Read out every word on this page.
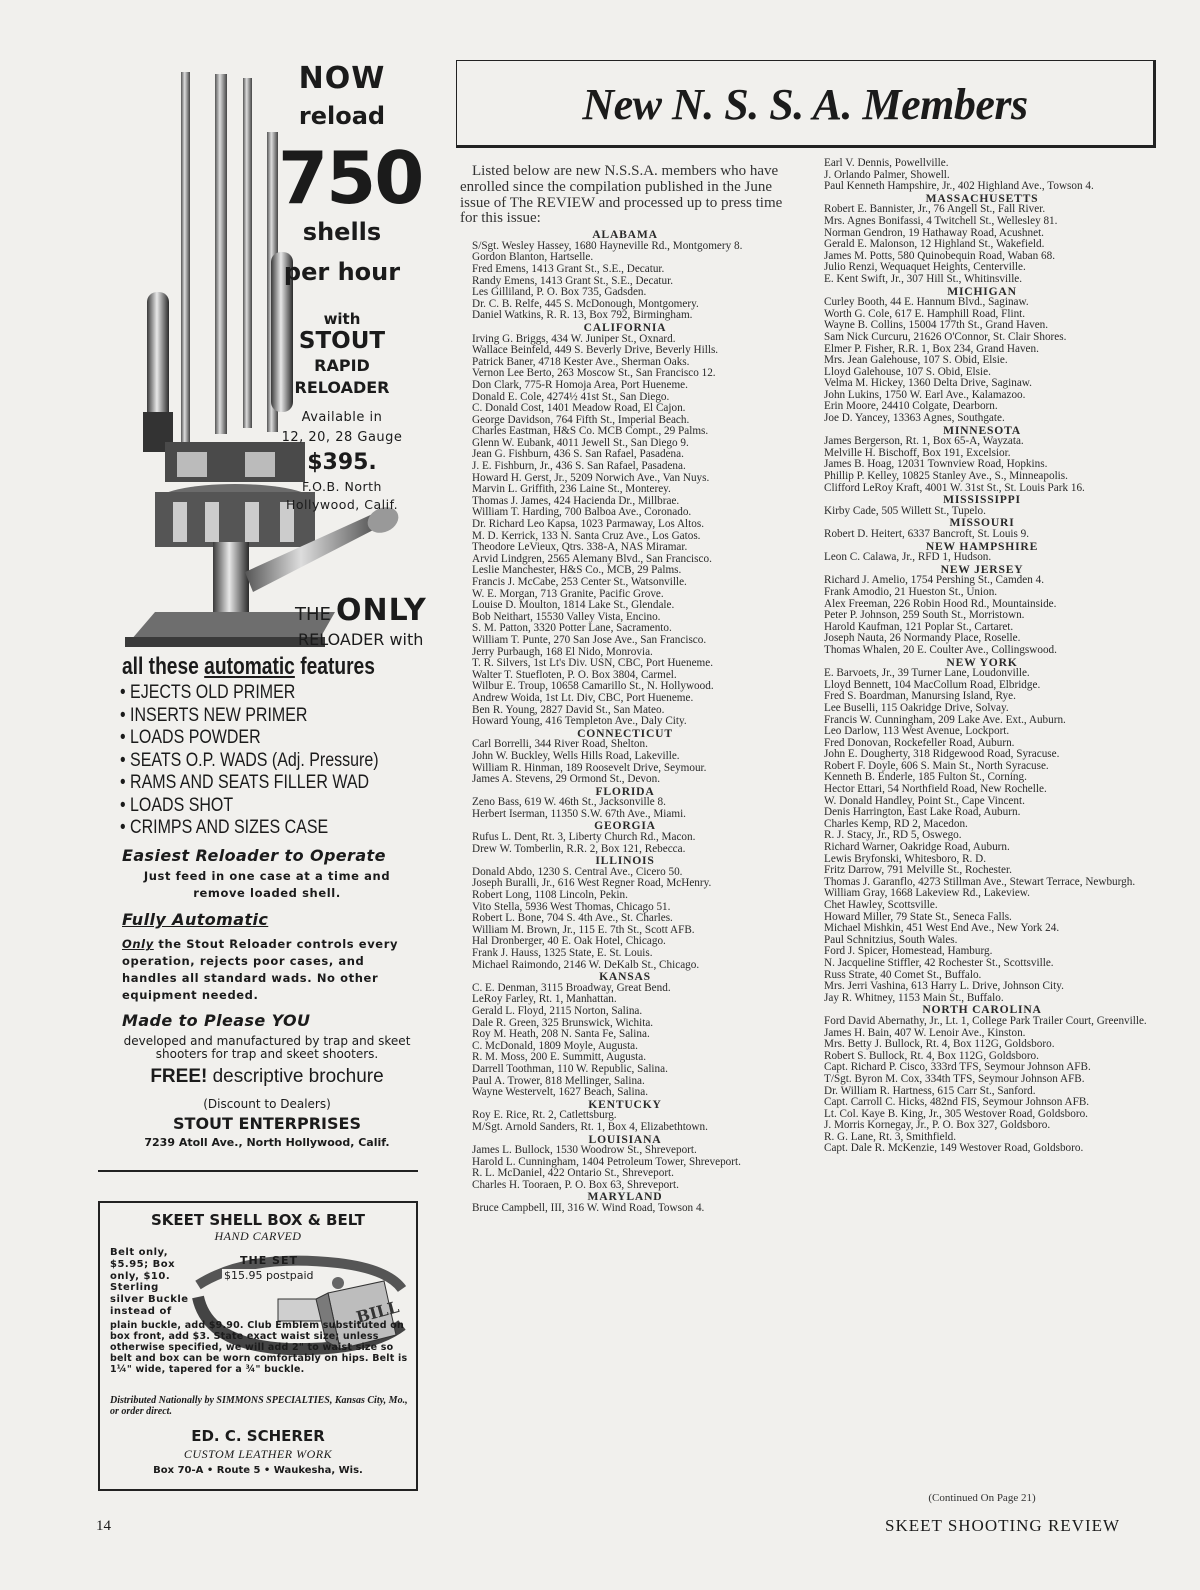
NOW
reload
750
shells
per hour
with
STOUT
RAPID
RELOADER
Available in
12, 20, 28 Gauge
$395.
F.O.B. North
Hollywood, Calif.
THE ONLY
RELOADER with
all these automatic features
• EJECTS OLD PRIMER
• INSERTS NEW PRIMER
• LOADS POWDER
• SEATS O.P. WADS (Adj. Pressure)
• RAMS AND SEATS FILLER WAD
• LOADS SHOT
• CRIMPS AND SIZES CASE
Easiest Reloader to Operate
Just feed in one case at a time and remove loaded shell.
Fully Automatic
Only the Stout Reloader controls every operation, rejects poor cases, and handles all standard wads. No other equipment needed.
Made to Please YOU
developed and manufactured by trap and skeet shooters for trap and skeet shooters.
FREE! descriptive brochure
(Discount to Dealers)
STOUT ENTERPRISES
7239 Atoll Ave., North Hollywood, Calif.
SKEET SHELL BOX & BELT
HAND CARVED
Belt only, $5.95; Box only, $10. Sterling silver Buckle instead of	BILL
THE SET
$15.95 postpaid
plain buckle, add $9.90. Club Emblem substituted on box front, add $3. State exact waist size; unless otherwise specified, we will add 2" to waist size so belt and box can be worn comfortably on hips. Belt is 1¼" wide, tapered for a ¾" buckle.
Distributed Nationally by SIMMONS SPECIALTIES, Kansas City, Mo., or order direct.
ED. C. SCHERER
CUSTOM LEATHER WORK
Box 70-A • Route 5 • Waukesha, Wis.
New N. S. S. A. Members
Listed below are new N.S.S.A. members who have enrolled since the compilation published in the June issue of The REVIEW and processed up to press time for this issue:
ALABAMA
S/Sgt. Wesley Hassey, 1680 Hayneville Rd., Montgomery 8.
Gordon Blanton, Hartselle.
Fred Emens, 1413 Grant St., S.E., Decatur.
Randy Emens, 1413 Grant St., S.E., Decatur.
Les Gilliland, P. O. Box 735, Gadsden.
Dr. C. B. Relfe, 445 S. McDonough, Montgomery.
Daniel Watkins, R. R. 13, Box 792, Birmingham.
CALIFORNIA
Irving G. Briggs, 434 W. Juniper St., Oxnard.
Wallace Beinfeld, 449 S. Beverly Drive, Beverly Hills.
Patrick Baner, 4718 Kester Ave., Sherman Oaks.
Vernon Lee Berto, 263 Moscow St., San Francisco 12.
Don Clark, 775-R Homoja Area, Port Hueneme.
Donald E. Cole, 4274½ 41st St., San Diego.
C. Donald Cost, 1401 Meadow Road, El Cajon.
George Davidson, 764 Fifth St., Imperial Beach.
Charles Eastman, H&S Co. MCB Compt., 29 Palms.
Glenn W. Eubank, 4011 Jewell St., San Diego 9.
Jean G. Fishburn, 436 S. San Rafael, Pasadena.
J. E. Fishburn, Jr., 436 S. San Rafael, Pasadena.
Howard H. Gerst, Jr., 5209 Norwich Ave., Van Nuys.
Marvin L. Griffith, 236 Laine St., Monterey.
Thomas J. James, 424 Hacienda Dr., Millbrae.
William T. Harding, 700 Balboa Ave., Coronado.
Dr. Richard Leo Kapsa, 1023 Parmaway, Los Altos.
M. D. Kerrick, 133 N. Santa Cruz Ave., Los Gatos.
Theodore LeVieux, Qtrs. 338-A, NAS Miramar.
Arvid Lindgren, 2565 Alemany Blvd., San Francisco.
Leslie Manchester, H&S Co., MCB, 29 Palms.
Francis J. McCabe, 253 Center St., Watsonville.
W. E. Morgan, 713 Granite, Pacific Grove.
Louise D. Moulton, 1814 Lake St., Glendale.
Bob Neithart, 15530 Valley Vista, Encino.
S. M. Patton, 3320 Potter Lane, Sacramento.
William T. Punte, 270 San Jose Ave., San Francisco.
Jerry Purbaugh, 168 El Nido, Monrovia.
T. R. Silvers, 1st Lt's Div. USN, CBC, Port Hueneme.
Walter T. Stuefloten, P. O. Box 3804, Carmel.
Wilbur E. Troup, 10658 Camarillo St., N. Hollywood.
Andrew Woida, 1st Lt. Div, CBC, Port Hueneme.
Ben R. Young, 2827 David St., San Mateo.
Howard Young, 416 Templeton Ave., Daly City.
CONNECTICUT
Carl Borrelli, 344 River Road, Shelton.
John W. Buckley, Wells Hills Road, Lakeville.
William R. Hinman, 189 Roosevelt Drive, Seymour.
James A. Stevens, 29 Ormond St., Devon.
FLORIDA
Zeno Bass, 619 W. 46th St., Jacksonville 8.
Herbert Iserman, 11350 S.W. 67th Ave., Miami.
GEORGIA
Rufus L. Dent, Rt. 3, Liberty Church Rd., Macon.
Drew W. Tomberlin, R.R. 2, Box 121, Rebecca.
ILLINOIS
Donald Abdo, 1230 S. Central Ave., Cicero 50.
Joseph Buralli, Jr., 616 West Regner Road, McHenry.
Robert Long, 1108 Lincoln, Pekin.
Vito Stella, 5936 West Thomas, Chicago 51.
Robert L. Bone, 704 S. 4th Ave., St. Charles.
William M. Brown, Jr., 115 E. 7th St., Scott AFB.
Hal Dronberger, 40 E. Oak Hotel, Chicago.
Frank J. Hauss, 1325 State, E. St. Louis.
Michael Raimondo, 2146 W. DeKalb St., Chicago.
KANSAS
C. E. Denman, 3115 Broadway, Great Bend.
LeRoy Farley, Rt. 1, Manhattan.
Gerald L. Floyd, 2115 Norton, Salina.
Dale R. Green, 325 Brunswick, Wichita.
Roy M. Heath, 208 N. Santa Fe, Salina.
C. McDonald, 1809 Moyle, Augusta.
R. M. Moss, 200 E. Summitt, Augusta.
Darrell Toothman, 110 W. Republic, Salina.
Paul A. Trower, 818 Mellinger, Salina.
Wayne Westervelt, 1627 Beach, Salina.
KENTUCKY
Roy E. Rice, Rt. 2, Catlettsburg.
M/Sgt. Arnold Sanders, Rt. 1, Box 4, Elizabethtown.
LOUISIANA
James L. Bullock, 1530 Woodrow St., Shreveport.
Harold L. Cunningham, 1404 Petroleum Tower, Shreveport.
R. L. McDaniel, 422 Ontario St., Shreveport.
Charles H. Tooraen, P. O. Box 63, Shreveport.
MARYLAND
Bruce Campbell, III, 316 W. Wind Road, Towson 4.
Earl V. Dennis, Powellville.
J. Orlando Palmer, Showell.
Paul Kenneth Hampshire, Jr., 402 Highland Ave., Towson 4.
MASSACHUSETTS
Robert E. Bannister, Jr., 76 Angell St., Fall River.
Mrs. Agnes Bonifassi, 4 Twitchell St., Wellesley 81.
Norman Gendron, 19 Hathaway Road, Acushnet.
Gerald E. Malonson, 12 Highland St., Wakefield.
James M. Potts, 580 Quinobequin Road, Waban 68.
Julio Renzi, Wequaquet Heights, Centerville.
E. Kent Swift, Jr., 307 Hill St., Whitinsville.
MICHIGAN
Curley Booth, 44 E. Hannum Blvd., Saginaw.
Worth G. Cole, 617 E. Hamphill Road, Flint.
Wayne B. Collins, 15004 177th St., Grand Haven.
Sam Nick Curcuru, 21626 O'Connor, St. Clair Shores.
Elmer P. Fisher, R.R. 1, Box 234, Grand Haven.
Mrs. Jean Galehouse, 107 S. Obid, Elsie.
Lloyd Galehouse, 107 S. Obid, Elsie.
Velma M. Hickey, 1360 Delta Drive, Saginaw.
John Lukins, 1750 W. Earl Ave., Kalamazoo.
Erin Moore, 24410 Colgate, Dearborn.
Joe D. Yancey, 13363 Agnes, Southgate.
MINNESOTA
James Bergerson, Rt. 1, Box 65-A, Wayzata.
Melville H. Bischoff, Box 191, Excelsior.
James B. Hoag, 12031 Townview Road, Hopkins.
Phillip P. Kelley, 10825 Stanley Ave., S., Minneapolis.
Clifford LeRoy Kraft, 4001 W. 31st St., St. Louis Park 16.
MISSISSIPPI
Kirby Cade, 505 Willett St., Tupelo.
MISSOURI
Robert D. Heitert, 6337 Bancroft, St. Louis 9.
NEW HAMPSHIRE
Leon C. Calawa, Jr., RFD 1, Hudson.
NEW JERSEY
Richard J. Amelio, 1754 Pershing St., Camden 4.
Frank Amodio, 21 Hueston St., Union.
Alex Freeman, 226 Robin Hood Rd., Mountainside.
Peter P. Johnson, 259 South St., Morristown.
Harold Kaufman, 121 Poplar St., Cartaret.
Joseph Nauta, 26 Normandy Place, Roselle.
Thomas Whalen, 20 E. Coulter Ave., Collingswood.
NEW YORK
E. Barvoets, Jr., 39 Turner Lane, Loudonville.
Lloyd Bennett, 104 MacCollum Road, Elbridge.
Fred S. Boardman, Manursing Island, Rye.
Lee Buselli, 115 Oakridge Drive, Solvay.
Francis W. Cunningham, 209 Lake Ave. Ext., Auburn.
Leo Darlow, 113 West Avenue, Lockport.
Fred Donovan, Rockefeller Road, Auburn.
John E. Dougherty, 318 Ridgewood Road, Syracuse.
Robert F. Doyle, 606 S. Main St., North Syracuse.
Kenneth B. Enderle, 185 Fulton St., Corning.
Hector Ettari, 54 Northfield Road, New Rochelle.
W. Donald Handley, Point St., Cape Vincent.
Denis Harrington, East Lake Road, Auburn.
Charles Kemp, RD 2, Macedon.
R. J. Stacy, Jr., RD 5, Oswego.
Richard Warner, Oakridge Road, Auburn.
Lewis Bryfonski, Whitesboro, R. D.
Fritz Darrow, 791 Melville St., Rochester.
Thomas J. Garanflo, 4273 Stillman Ave., Stewart Terrace, Newburgh.
William Gray, 1668 Lakeview Rd., Lakeview.
Chet Hawley, Scottsville.
Howard Miller, 79 State St., Seneca Falls.
Michael Mishkin, 451 West End Ave., New York 24.
Paul Schnitzius, South Wales.
Ford J. Spicer, Homestead, Hamburg.
N. Jacqueline Stiffler, 42 Rochester St., Scottsville.
Russ Strate, 40 Comet St., Buffalo.
Mrs. Jerri Vashina, 613 Harry L. Drive, Johnson City.
Jay R. Whitney, 1153 Main St., Buffalo.
NORTH CAROLINA
Ford David Abernathy, Jr., Lt. 1, College Park Trailer Court, Greenville.
James H. Bain, 407 W. Lenoir Ave., Kinston.
Mrs. Betty J. Bullock, Rt. 4, Box 112G, Goldsboro.
Robert S. Bullock, Rt. 4, Box 112G, Goldsboro.
Capt. Richard P. Cisco, 333rd TFS, Seymour Johnson AFB.
T/Sgt. Byron M. Cox, 334th TFS, Seymour Johnson AFB.
Dr. William R. Hartness, 615 Carr St., Sanford.
Capt. Carroll C. Hicks, 482nd FIS, Seymour Johnson AFB.
Lt. Col. Kaye B. King, Jr., 305 Westover Road, Goldsboro.
J. Morris Kornegay, Jr., P. O. Box 327, Goldsboro.
R. G. Lane, Rt. 3, Smithfield.
Capt. Dale R. McKenzie, 149 Westover Road, Goldsboro.
(Continued On Page 21)
14	SKEET SHOOTING REVIEW
